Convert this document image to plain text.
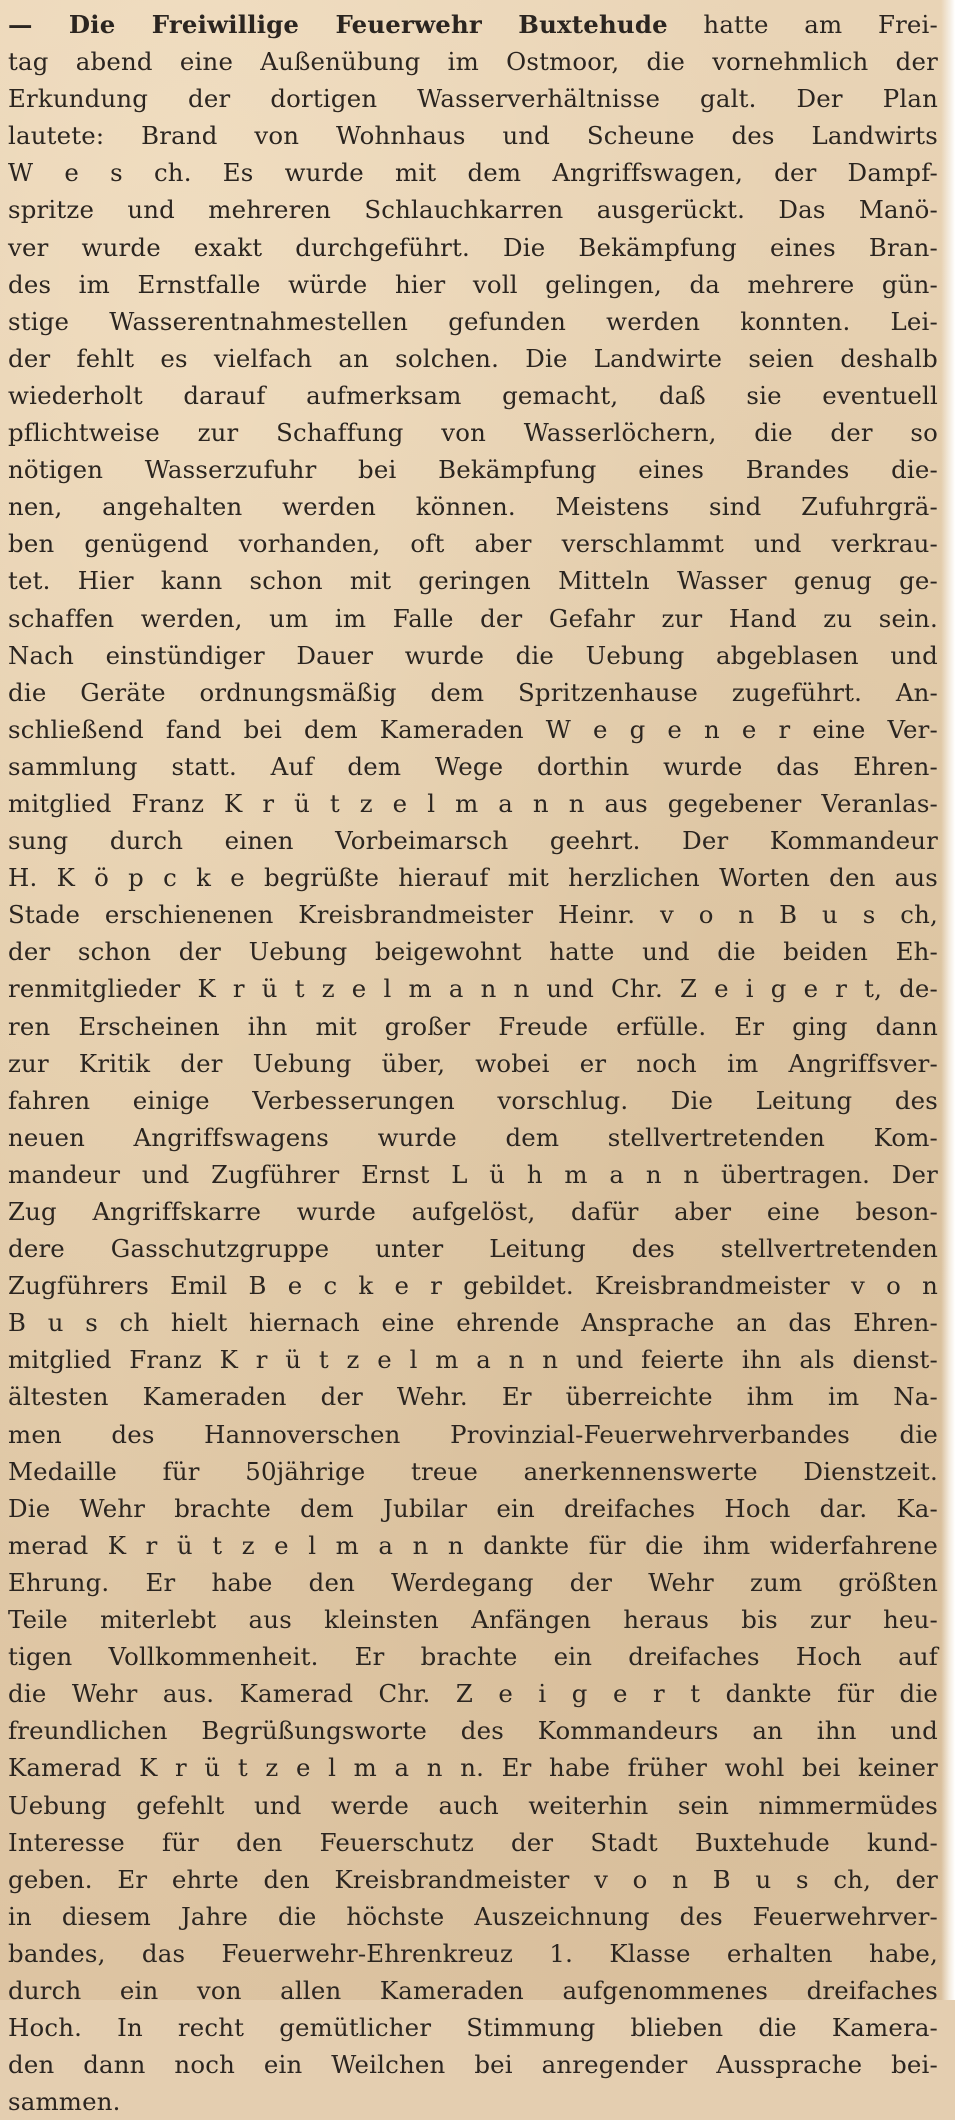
— Die Freiwillige Feuerwehr Buxtehude hatte am Frei-
tag abend eine Außenübung im Ostmoor, die vornehmlich der
Erkundung der dortigen Wasserverhältnisse galt. Der Plan
lautete: Brand von Wohnhaus und Scheune des Landwirts
W e s ch. Es wurde mit dem Angriffswagen, der Dampf-
spritze und mehreren Schlauchkarren ausgerückt. Das Manö-
ver wurde exakt durchgeführt. Die Bekämpfung eines Bran-
des im Ernstfalle würde hier voll gelingen, da mehrere gün-
stige Wasserentnahmestellen gefunden werden konnten. Lei-
der fehlt es vielfach an solchen. Die Landwirte seien deshalb
wiederholt darauf aufmerksam gemacht, daß sie eventuell
pflichtweise zur Schaffung von Wasserlöchern, die der so
nötigen Wasserzufuhr bei Bekämpfung eines Brandes die-
nen, angehalten werden können. Meistens sind Zufuhrgrä-
ben genügend vorhanden, oft aber verschlammt und verkrau-
tet. Hier kann schon mit geringen Mitteln Wasser genug ge-
schaffen werden, um im Falle der Gefahr zur Hand zu sein.
Nach einstündiger Dauer wurde die Uebung abgeblasen und
die Geräte ordnungsmäßig dem Spritzenhause zugeführt. An-
schließend fand bei dem Kameraden W e g e n e r eine Ver-
sammlung statt. Auf dem Wege dorthin wurde das Ehren-
mitglied Franz K r ü t z e l m a n n aus gegebener Veranlas-
sung durch einen Vorbeimarsch geehrt. Der Kommandeur
H. K ö p c k e begrüßte hierauf mit herzlichen Worten den aus
Stade erschienenen Kreisbrandmeister Heinr. v o n B u s ch,
der schon der Uebung beigewohnt hatte und die beiden Eh-
renmitglieder K r ü t z e l m a n n und Chr. Z e i g e r t, de-
ren Erscheinen ihn mit großer Freude erfülle. Er ging dann
zur Kritik der Uebung über, wobei er noch im Angriffsver-
fahren einige Verbesserungen vorschlug. Die Leitung des
neuen Angriffswagens wurde dem stellvertretenden Kom-
mandeur und Zugführer Ernst L ü h m a n n übertragen. Der
Zug Angriffskarre wurde aufgelöst, dafür aber eine beson-
dere Gasschutzgruppe unter Leitung des stellvertretenden
Zugführers Emil B e c k e r gebildet. Kreisbrandmeister v o n
B u s ch hielt hiernach eine ehrende Ansprache an das Ehren-
mitglied Franz K r ü t z e l m a n n und feierte ihn als dienst-
ältesten Kameraden der Wehr. Er überreichte ihm im Na-
men des Hannoverschen Provinzial-Feuerwehrverbandes die
Medaille für 50jährige treue anerkennenswerte Dienstzeit.
Die Wehr brachte dem Jubilar ein dreifaches Hoch dar. Ka-
merad K r ü t z e l m a n n dankte für die ihm widerfahrene
Ehrung. Er habe den Werdegang der Wehr zum größten
Teile miterlebt aus kleinsten Anfängen heraus bis zur heu-
tigen Vollkommenheit. Er brachte ein dreifaches Hoch auf
die Wehr aus. Kamerad Chr. Z e i g e r t dankte für die
freundlichen Begrüßungsworte des Kommandeurs an ihn und
Kamerad K r ü t z e l m a n n. Er habe früher wohl bei keiner
Uebung gefehlt und werde auch weiterhin sein nimmermüdes
Interesse für den Feuerschutz der Stadt Buxtehude kund-
geben. Er ehrte den Kreisbrandmeister v o n B u s ch, der
in diesem Jahre die höchste Auszeichnung des Feuerwehrver-
bandes, das Feuerwehr-Ehrenkreuz 1. Klasse erhalten habe,
durch ein von allen Kameraden aufgenommenes dreifaches
Hoch. In recht gemütlicher Stimmung blieben die Kamera-
den dann noch ein Weilchen bei anregender Aussprache bei-
sammen.
